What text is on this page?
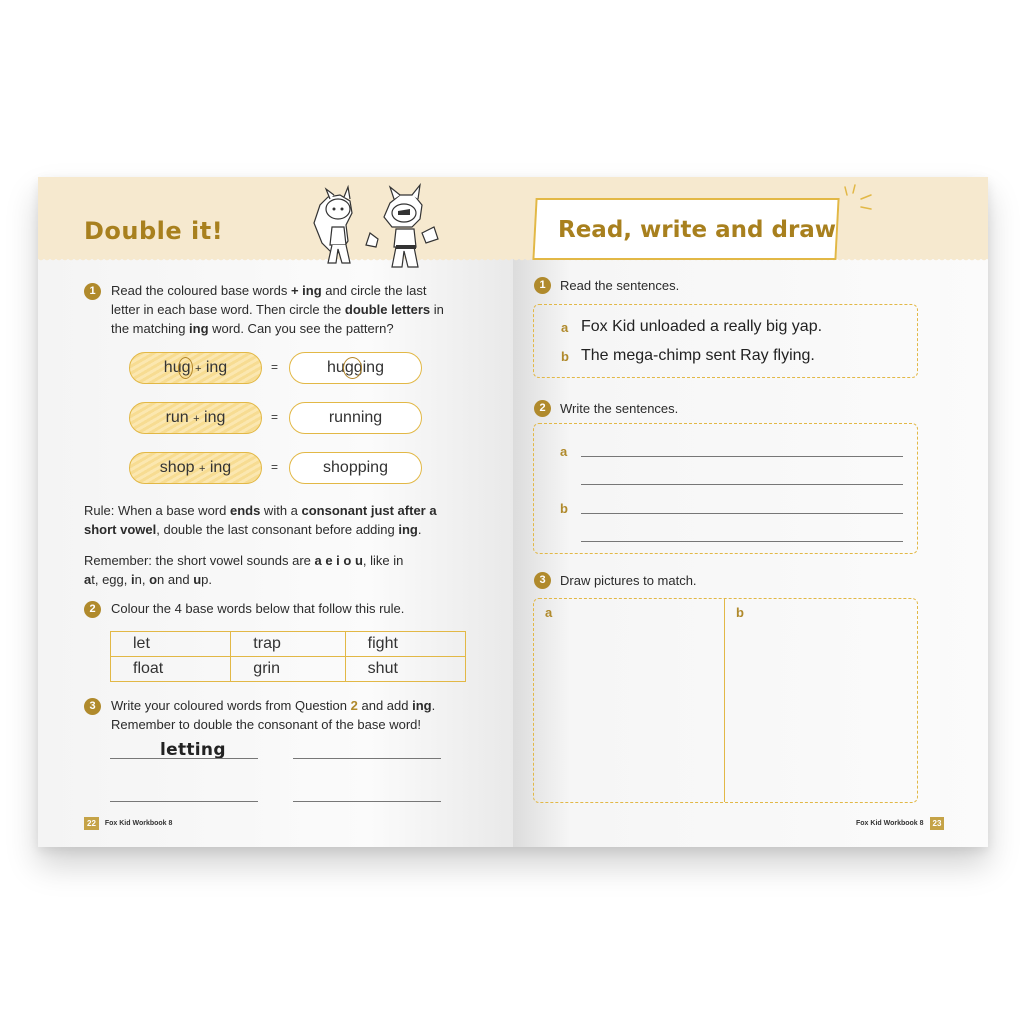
Double it!
1	Read the coloured base words + ing and circle the last
letter in each base word. Then circle the double letters in
the matching ing word. Can you see the pattern?
hug + ing	=	hugging
run + ing	=	running
shop + ing	=	shopping
Rule: When a base word ends with a consonant just after a
short vowel, double the last consonant before adding ing.
Remember: the short vowel sounds are a e i o u, like in
at, egg, in, on and up.
2	Colour the 4 base words below that follow this rule.
let	trap	fight
float	grin	shut
3	Write your coloured words from Question 2 and add ing.
Remember to double the consonant of the base word!
letting
22 Fox Kid Workbook 8
Read, write and draw
1	Read the sentences.
a Fox Kid unloaded a really big yap.
b The mega-chimp sent Ray flying.
2	Write the sentences.
a
b
3	Draw pictures to match.
a	b
Fox Kid Workbook 8 23
